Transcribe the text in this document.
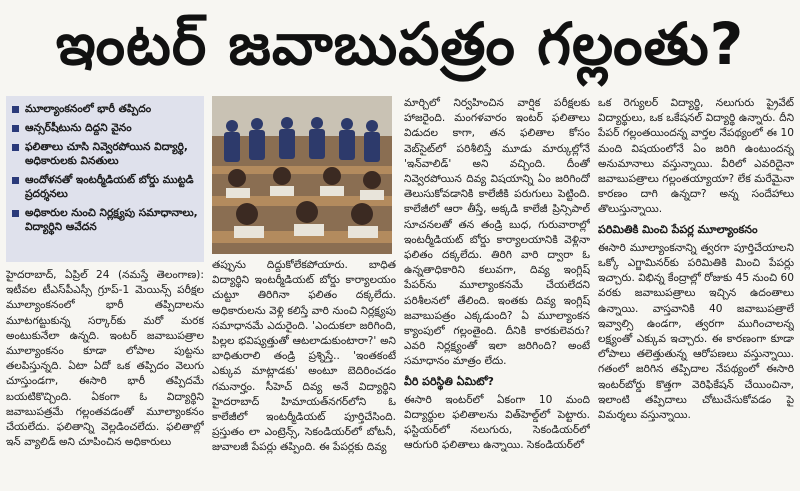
ఇంటర్ జవాబుపత్రం గల్లంతు?
మూల్యాంకనంలో భారీ తప్పిదం
ఆన్సర్‌షీటును దిద్దని వైనం
ఫలితాలు చూసి నివ్వెరపోయిన విద్యార్థి, అధికారులకు వినతులు
ఆందోళనతో ఇంటర్మీడియట్ బోర్డు ముట్టడి ప్రదర్శనలు
అధికారుల నుంచి నిర్లక్ష్యపు సమాధానాలు, విద్యార్థిని ఆవేదన

హైదరాబాద్, ఏప్రిల్ 24 (నమస్తే తెలంగాణ): ఇటీవల టీఎస్‌పీఎస్సీ గ్రూప్-1 మెయిన్స్ పరీక్షల మూల్యాంకనంలో భారీ తప్పిదాలను మూటగట్టుకున్న సర్కార్‌కు మరో మరక అంటుకునేలా ఉన్నది. ఇంటర్ జవాబుపత్రాల మూల్యాంకనం కూడా లోపాల పుట్టను తలపిస్తున్నది. ఏటా ఏదో ఒక తప్పిదం వెలుగు చూస్తుండగా, ఈసారి భారీ తప్పిదమే బయటికొచ్చింది. ఏకంగా ఓ విద్యార్థిని జవాబుపత్రమే గల్లంతవడంతో మూల్యాంకనం చేయలేదు. ఫలితాన్ని వెల్లడించలేదు. ఫలితాల్లో ఇన్ వ్యాలిడ్ అని చూపించిన అధికారులు

తప్పును దిద్దుకోలేకపోయారు. బాధిత విద్యార్థిని ఇంటర్మీడియట్ బోర్డు కార్యాలయం చుట్టూ తిరిగినా ఫలితం దక్కలేదు. అధికారులను వెళ్లి కలిస్తే వారి నుంచి నిర్లక్ష్యపు సమాధానమే ఎదురైంది. 'ఎందుకలా జరిగింది, పిల్లల భవిష్యత్తుతో ఆటలాడుకుంటారా?' అని బాధితురాలి తండ్రి ప్రశ్నిస్తే.. 'ఇంతకంటే ఎక్కువ మాట్లాడకు' అంటూ బెదిరించడం గమనార్హం. సీహెచ్ దివ్య అనే విద్యార్థిని హైదరాబాద్ హిమాయత్‌నగర్‌లోని ఓ కాలేజీలో ఇంటర్మీడియట్ పూర్తిచేసింది. ప్రస్తుతం లా ఎంట్రెన్స్, సెకండియర్‌లో బోటనీ, జువాలజీ పేపర్లు తప్పింది. ఈ పేపర్లకు దివ్య

మార్చిలో నిర్వహించిన వార్షిక పరీక్షలకు హాజరైంది. మంగళవారం ఇంటర్ ఫలితాలు విడుదల కాగా, తన ఫలితాల కోసం వెబ్‌సైట్‌లో పరిశీలిస్తే మూడు మార్కుల్లోనే 'ఇన్‌వాలిడ్' అని వచ్చింది. దీంతో నివ్వెరపోయిన దివ్య విషయాన్ని ఏం జరిగిందో తెలుసుకోవడానికి కాలేజీకి పరుగులు పెట్టింది. కాలేజీలో ఆరా తీస్తే, అక్కడి కాలేజీ ప్రిన్సిపాల్ సూచనలతో తన తండ్రి బుధ, గురువారాల్లో ఇంటర్మీడియట్ బోర్డు కార్యాలయానికి వెళ్లినా ఫలితం దక్కలేదు. తిరిగి వారి ద్వారా ఓ ఉన్నతాధికారిని కలువగా, దివ్య ఇంగ్లిష్ పేపర్‌ను మూల్యాంకనమే చేయలేదని పరిశీలనలో తేలింది. ఇంతకు దివ్య ఇంగ్లిష్ జవాబుపత్రం ఎక్కడుంది? ఏ మూల్యాంకన క్యాంపులో గల్లంతైంది. దీనికి కారకులెవరు? ఎవరి నిర్లక్ష్యంతో ఇలా జరిగింది? అంటే సమాధానం మాత్రం లేదు.

వీరి పరిస్థితి ఏమిటో?

ఈసారి ఇంటర్‌లో ఏకంగా 10 మంది విద్యార్థుల ఫలితాలను విత్‌హెల్డ్‌లో పెట్టారు. ఫస్టియర్‌లో నలుగురు, సెకండియర్‌లో ఆరుగురి ఫలితాలు ఉన్నాయి. సెకండియర్‌లో

ఒక రెగ్యులర్ విద్యార్థి, నలుగురు ప్రైవేట్ విద్యార్థులు, ఒక ఒకేషనల్ విద్యార్థి ఉన్నారు. దీని పేపర్ గల్లంతయిందన్న వార్తల నేపథ్యంలో ఈ 10 మంది విషయంలోనే ఏం జరిగి ఉంటుందన్న అనుమానాలు వస్తున్నాయి. వీరిలో ఎవరిదైనా జవాబుపత్రాలు గల్లంతయ్యాయా? లేక మరేమైనా కారణం దాగి ఉన్నదా? అన్న సందేహాలు తొలుస్తున్నాయి.

పరిమితికి మించి పేపర్ల మూల్యాంకనం

ఈసారి మూల్యాంకనాన్ని త్వరగా పూర్తిచేయాలని ఒక్కో ఎగ్జామినర్‌కు పరిమితికి మించి పేపర్లు ఇచ్చారు. విభిన్న కేంద్రాల్లో రోజుకు 45 నుంచి 60 వరకు జవాబుపత్రాలు ఇచ్చిన ఉదంతాలు ఉన్నాయి. వాస్తవానికి 40 జవాబుపత్రాలే ఇవ్వాల్సి ఉండగా, త్వరగా ముగించాలన్న లక్ష్యంతో ఎక్కువ ఇచ్చారు. ఈ కారణంగా కూడా లోపాలు తలెత్తుతున్న ఆరోపణలు వస్తున్నాయి. గతంలో జరిగిన తప్పిదాల నేపథ్యంలో ఈసారి ఇంటర్‌బోర్డు కొత్తగా వెరిఫికేషన్ చేయించినా, ఇలాంటి తప్పిదాలు చోటుచేసుకోవడం పై విమర్శలు వస్తున్నాయి.
